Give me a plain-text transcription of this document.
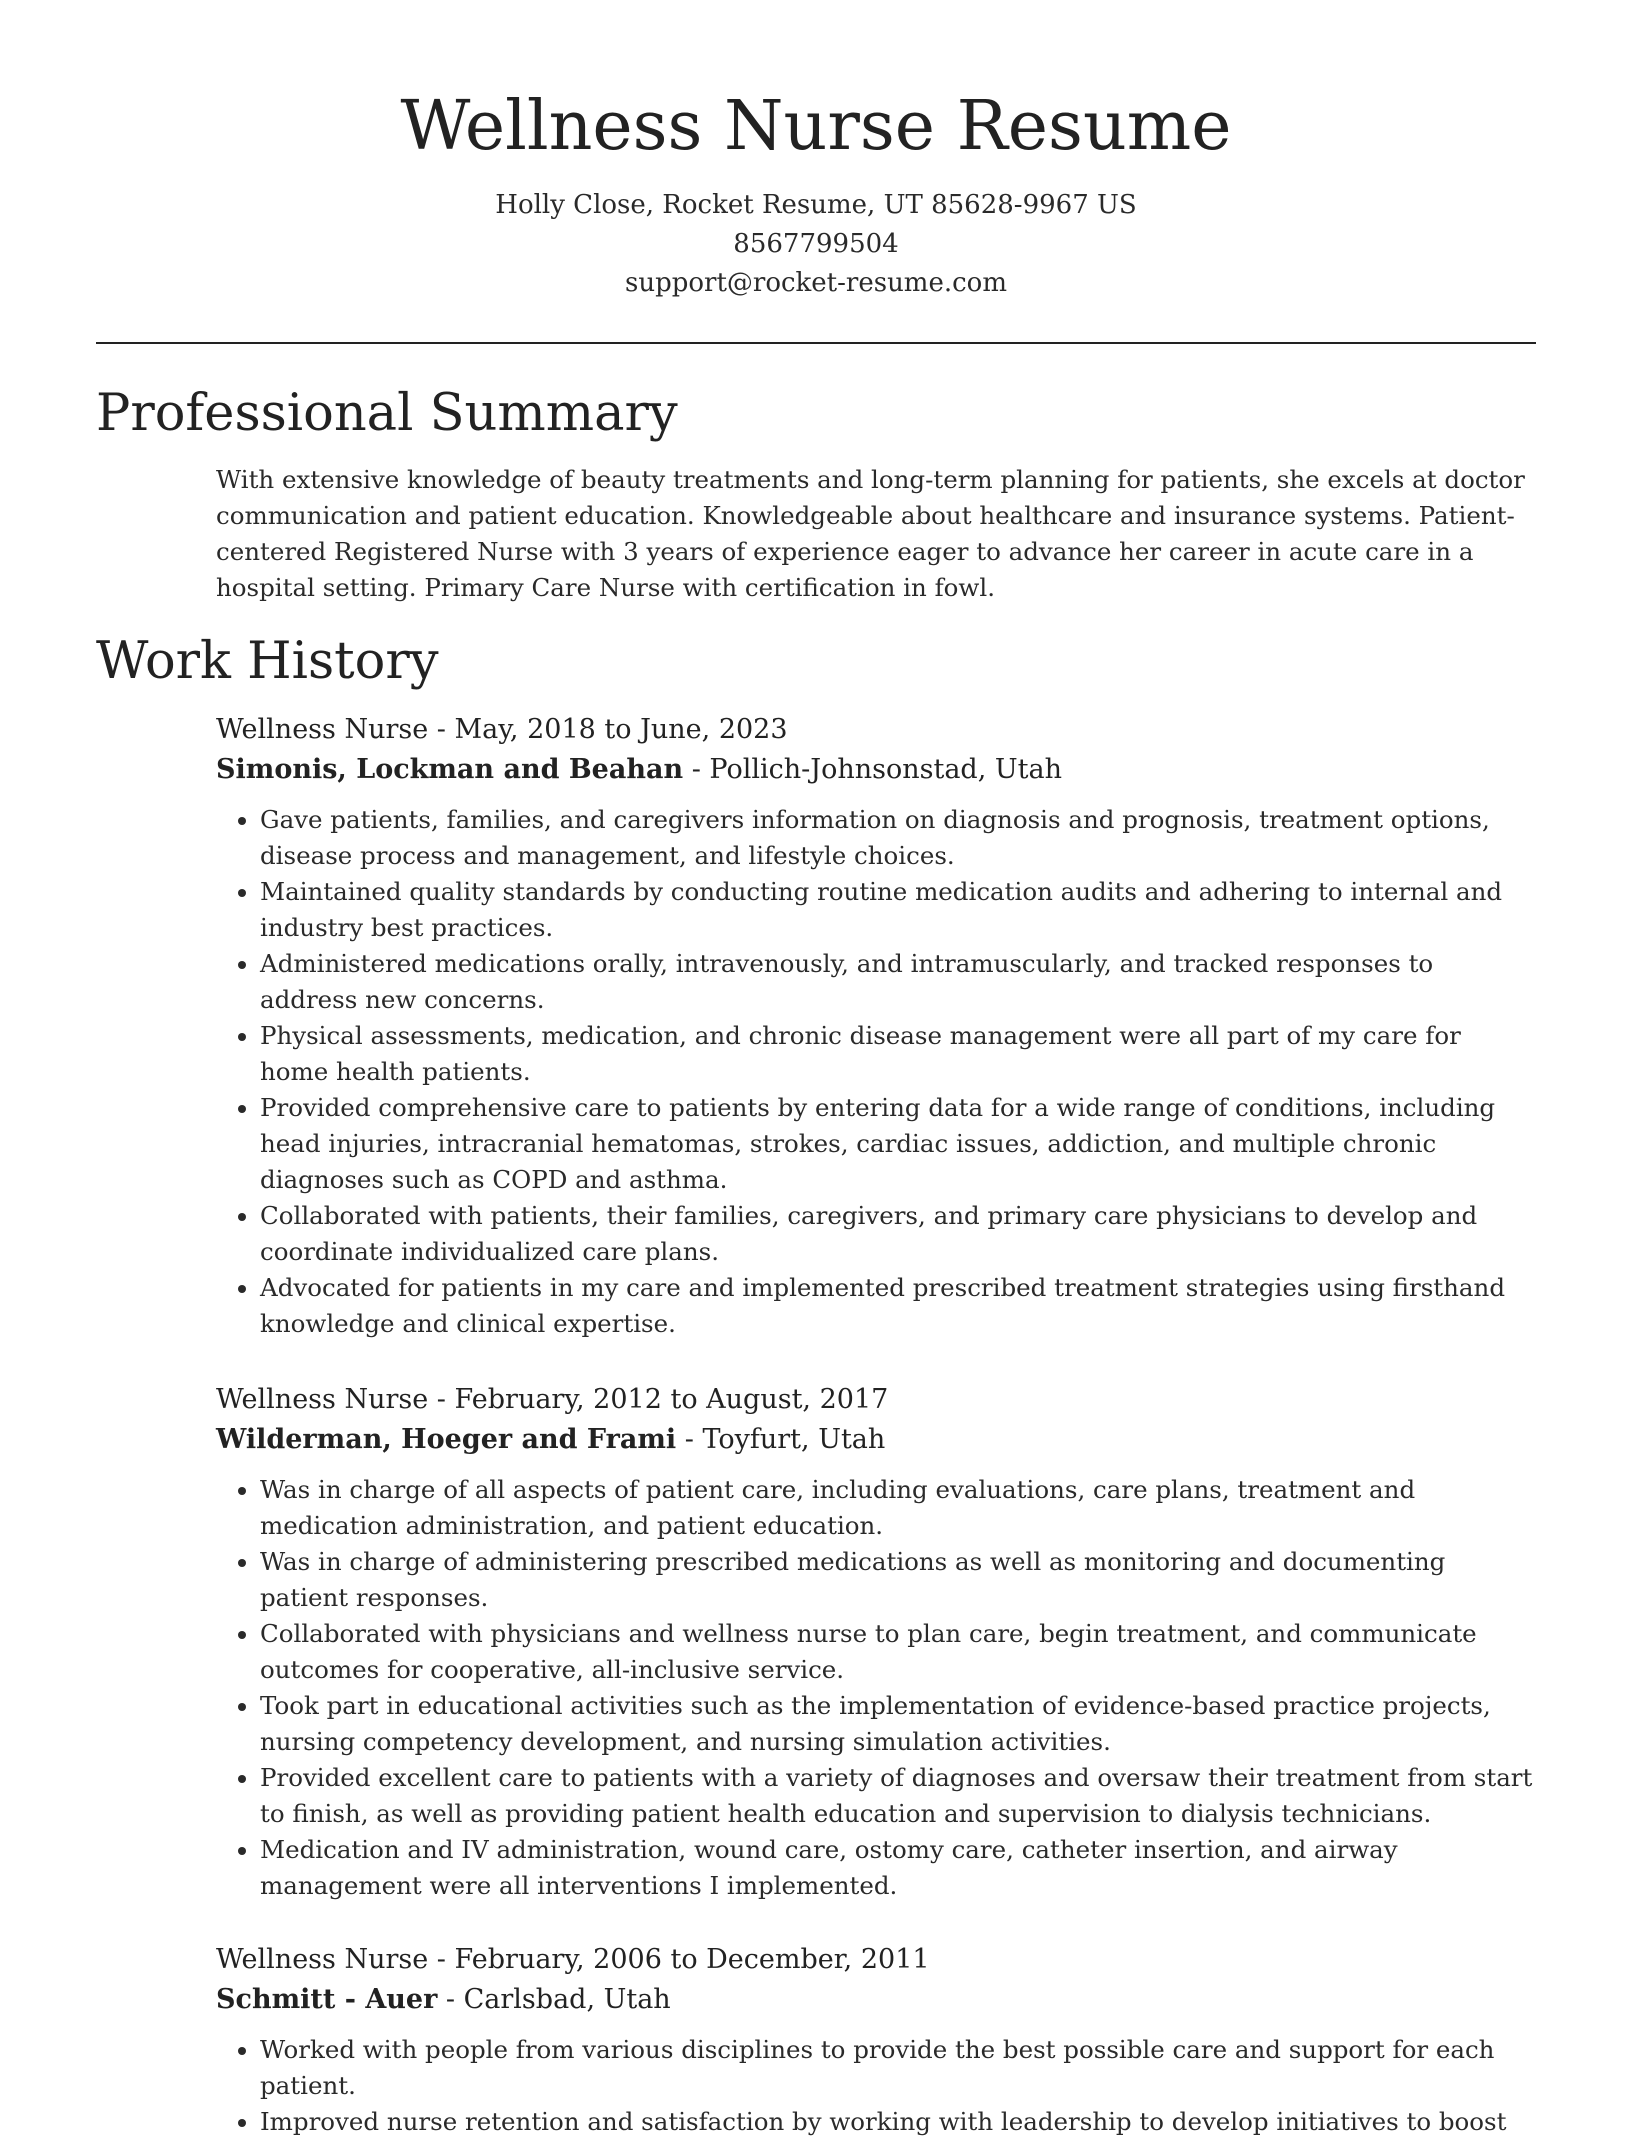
Wellness Nurse Resume
Holly Close, Rocket Resume, UT 85628-9967 US
8567799504
support@rocket-resume.com
Professional Summary

With extensive knowledge of beauty treatments and long-term planning for patients, she excels at doctor communication and patient education. Knowledgeable about healthcare and insurance systems. Patient-centered Registered Nurse with 3 years of experience eager to advance her career in acute care in a hospital setting. Primary Care Nurse with certification in fowl.

Work History
Wellness Nurse - May, 2018 to June, 2023
Simonis, Lockman and Beahan - Pollich-Johnsonstad, Utah
• Gave patients, families, and caregivers information on diagnosis and prognosis, treatment options, disease process and management, and lifestyle choices.
• Maintained quality standards by conducting routine medication audits and adhering to internal and industry best practices.
• Administered medications orally, intravenously, and intramuscularly, and tracked responses to address new concerns.
• Physical assessments, medication, and chronic disease management were all part of my care for home health patients.
• Provided comprehensive care to patients by entering data for a wide range of conditions, including head injuries, intracranial hematomas, strokes, cardiac issues, addiction, and multiple chronic diagnoses such as COPD and asthma.
• Collaborated with patients, their families, caregivers, and primary care physicians to develop and coordinate individualized care plans.
• Advocated for patients in my care and implemented prescribed treatment strategies using firsthand knowledge and clinical expertise.
Wellness Nurse - February, 2012 to August, 2017
Wilderman, Hoeger and Frami - Toyfurt, Utah
• Was in charge of all aspects of patient care, including evaluations, care plans, treatment and medication administration, and patient education.
• Was in charge of administering prescribed medications as well as monitoring and documenting patient responses.
• Collaborated with physicians and wellness nurse to plan care, begin treatment, and communicate outcomes for cooperative, all-inclusive service.
• Took part in educational activities such as the implementation of evidence-based practice projects, nursing competency development, and nursing simulation activities.
• Provided excellent care to patients with a variety of diagnoses and oversaw their treatment from start to finish, as well as providing patient health education and supervision to dialysis technicians.
• Medication and IV administration, wound care, ostomy care, catheter insertion, and airway management were all interventions I implemented.
Wellness Nurse - February, 2006 to December, 2011
Schmitt - Auer - Carlsbad, Utah
• Worked with people from various disciplines to provide the best possible care and support for each patient.
• Improved nurse retention and satisfaction by working with leadership to develop initiatives to boost
